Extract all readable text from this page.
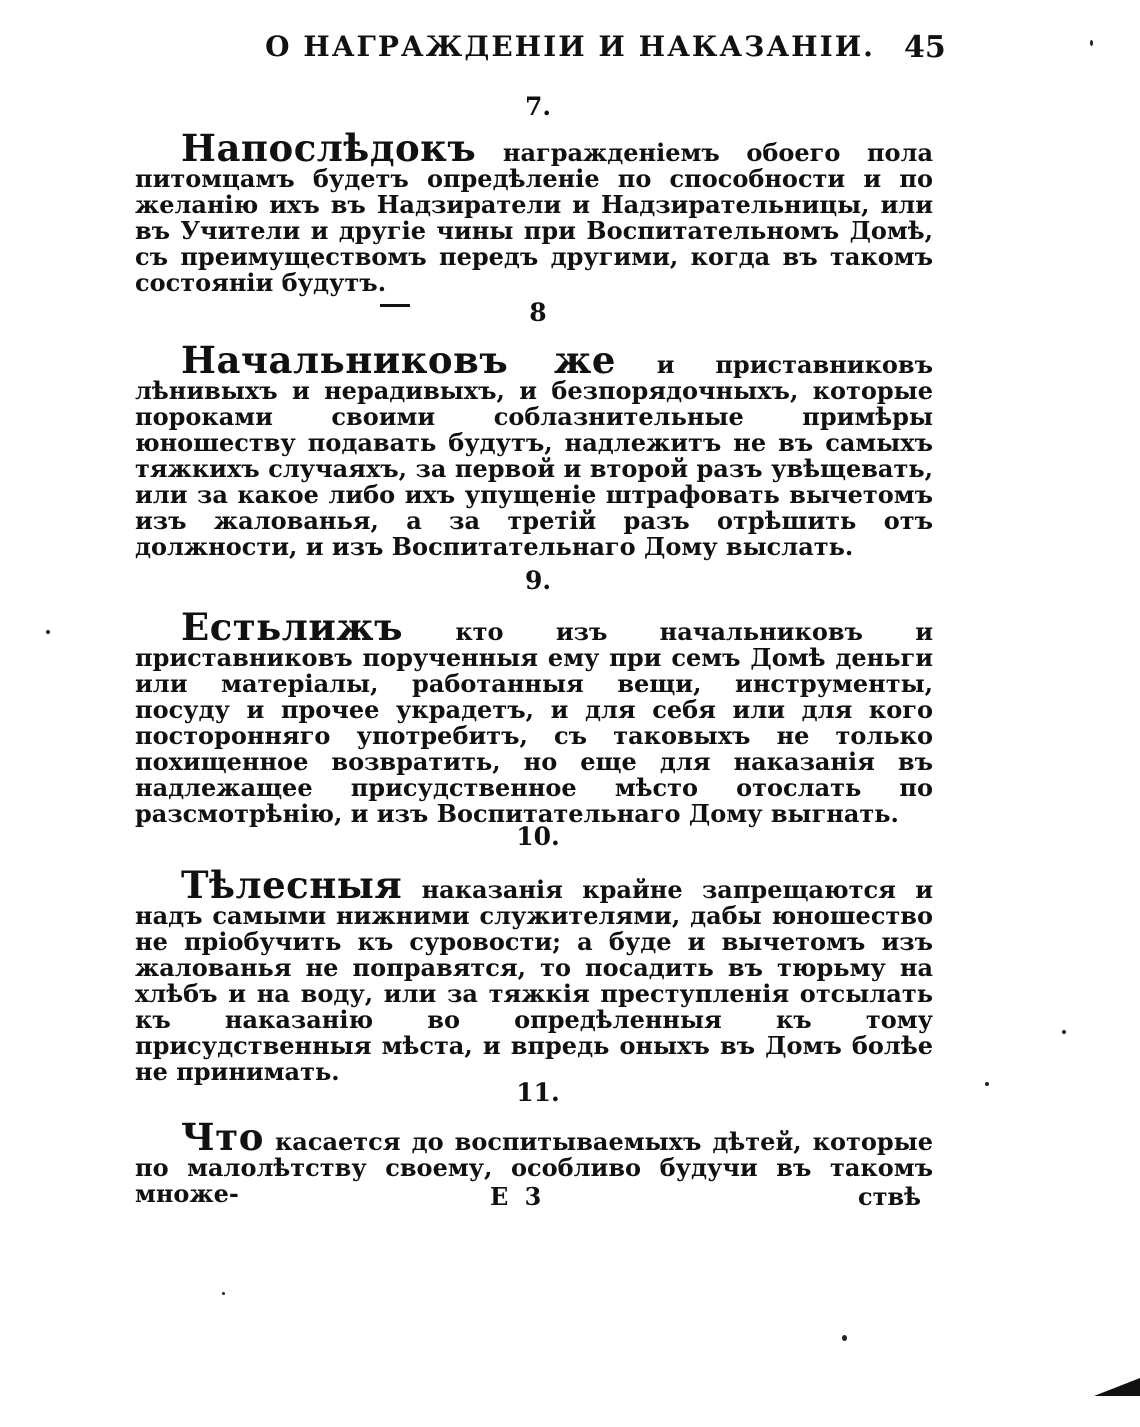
О НАГРАЖДЕНІИ И НАКАЗАНІИ. 45
7.

Напослѣдокъ награжденіемъ обоего пола питомцамъ будетъ опредѣленіе по способности и по желанію ихъ въ Надзиратели и Надзирательницы, или въ Учители и другіе чины при Воспитательномъ Домѣ, съ преимуществомъ передъ другими, когда въ такомъ состояніи будутъ.

8

Начальниковъ же и приставниковъ лѣнивыхъ и нерадивыхъ, и безпорядочныхъ, которые пороками своими соблазнительные примѣры юношеству подавать будутъ, надлежитъ не въ самыхъ тяжкихъ случаяхъ, за первой и второй разъ увѣщевать, или за какое либо ихъ упущеніе штрафовать вычетомъ изъ жалованья, а за третій разъ отрѣшить отъ должности, и изъ Воспитательнаго Дому выслать.

9.

Естьлижъ кто изъ начальниковъ и приставниковъ порученныя ему при семъ Домѣ деньги или матеріалы, работанныя вещи, инструменты, посуду и прочее украдетъ, и для себя или для кого посторонняго употребитъ, съ таковыхъ не только похищенное возвратить, но еще для наказанія въ надлежащее присудственное мѣсто отослать по разсмотрѣнію, и изъ Воспитательнаго Дому выгнать.

10.

Тѣлесныя наказанія крайне запрещаются и надъ самыми нижними служителями, дабы юношество не пріобучить къ суровости; а буде и вычетомъ изъ жалованья не поправятся, то посадить въ тюрьму на хлѣбъ и на воду, или за тяжкія преступленія отсылать къ наказанію во опредѣленныя къ тому присудственныя мѣста, и впредь оныхъ въ Домъ болѣе не принимать.

11.

Что касается до воспитываемыхъ дѣтей, которые по малолѣтству своему, особливо будучи въ такомъ множе-	Е 3	ствѣ
